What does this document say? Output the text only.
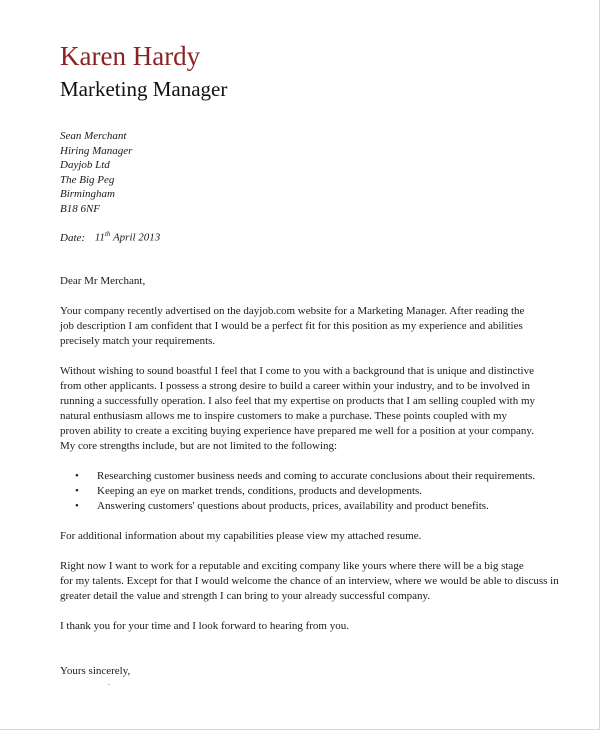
Karen Hardy
Marketing Manager
Sean Merchant
Hiring Manager
Dayjob Ltd
The Big Peg
Birmingham
B18 6NF
Date: 11th April 2013

Dear Mr Merchant,

Your company recently advertised on the dayjob.com website for a Marketing Manager. After reading the

job description I am confident that I would be a perfect fit for this position as my experience and abilities

precisely match your requirements.

Without wishing to sound boastful I feel that I come to you with a background that is unique and distinctive

from other applicants. I possess a strong desire to build a career within your industry, and to be involved in

running a successfully operation. I also feel that my expertise on products that I am selling coupled with my

natural enthusiasm allows me to inspire customers to make a purchase. These points coupled with my

proven ability to create a exciting buying experience have prepared me well for a position at your company.

My core strengths include, but are not limited to the following:

• Researching customer business needs and coming to accurate conclusions about their requirements.
• Keeping an eye on market trends, conditions, products and developments.
• Answering customers' questions about products, prices, availability and product benefits.

For additional information about my capabilities please view my attached resume.

Right now I want to work for a reputable and exciting company like yours where there will be a big stage

for my talents. Except for that I would welcome the chance of an interview, where we would be able to discuss in

greater detail the value and strength I can bring to your already successful company.

I thank you for your time and I look forward to hearing from you.

Yours sincerely,
